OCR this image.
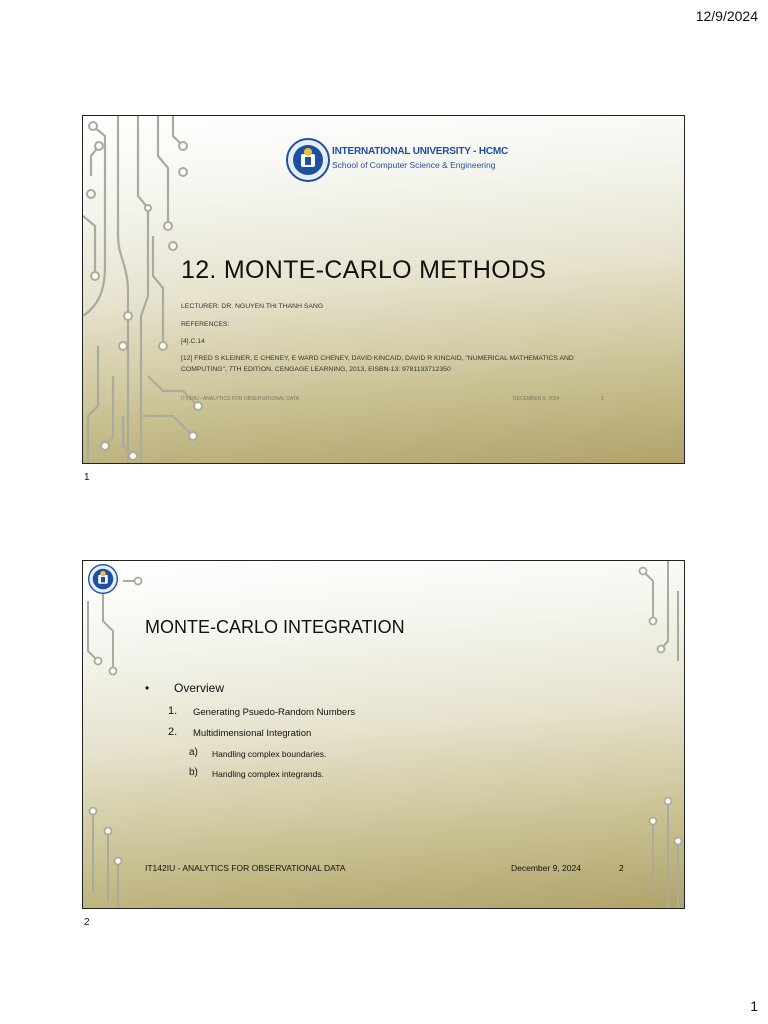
12/9/2024
INTERNATIONAL UNIVERSITY - HCMC
School of Computer Science & Engineering
12. MONTE-CARLO METHODS
LECTURER: DR. NGUYEN THI THANH SANG
REFERENCES:
[4].C.14
[12] FRED S KLEINER, E CHENEY, E WARD CHENEY, DAVID KINCAID, DAVID R KINCAID, "NUMERICAL MATHEMATICS AND COMPUTING", 7TH EDITION, CENGAGE LEARNING, 2013, EISBN-13: 9781133712350
IT142IU - ANALYTICS FOR OBSERVATIONAL DATA	DECEMBER 9, 2024	1
1
MONTE-CARLO INTEGRATION
• Overview
1. Generating Psuedo-Random Numbers
2. Multidimensional Integration
a) Handling complex boundaries.
b) Handling complex integrands.
IT142IU - ANALYTICS FOR OBSERVATIONAL DATA	December 9, 2024	2
2
1
